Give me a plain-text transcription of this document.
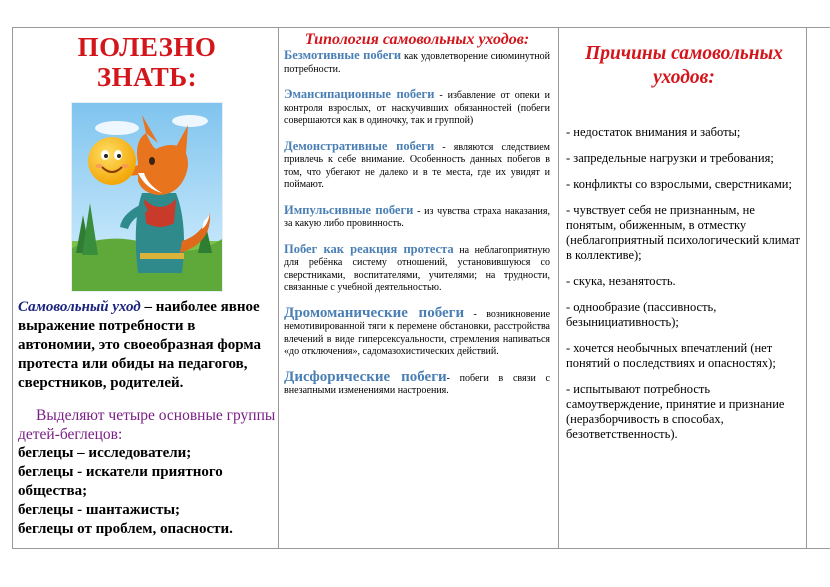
ПОЛЕЗНО
ЗНАТЬ:

Самовольный уход – наиболее явное выражение потребности в автономии, это своеобразная форма протеста или обиды на педагогов, сверстников, родителей.

Выделяют четыре основные группы детей-беглецов:

беглецы – исследователи;
беглецы - искатели приятного общества;
беглецы - шантажисты;
беглецы от проблем, опасности.
Типология самовольных уходов:
Безмотивные побеги как удовлетворение сиюминутной потребности.
Эмансипационные побеги - избавление от опеки и контроля взрослых, от наскучивших обязанностей (побеги совершаются как в одиночку, так и группой)
Демонстративные побеги - являются следствием привлечь к себе внимание. Особенность данных побегов в том, что убегают не далеко и в те места, где их увидят и поймают.
Импульсивные побеги - из чувства страха наказания, за какую либо провинность.
Побег как реакция протеста на неблагоприятную для ребёнка систему отношений, установившуюся со сверстниками, воспитателями, учителями; на трудности, связанные с учебной деятельностью.
Дромоманические побеги - возникновение немотивированной тяги к перемене обстановки, расстройства влечений в виде гиперсексуальности, стремления напиваться «до отключения», садомазохистических действий.
Дисфорические побеги- побеги в связи с внезапными изменениями настроения.
Причины самовольных уходов:
- недостаток внимания и заботы;
- запредельные нагрузки и требования;
- конфликты со взрослыми, сверстниками;
- чувствует себя не признанным, не понятым, обиженным, в отместку (неблагоприятный психологический климат в коллективе);
- скука, незанятость.
- однообразие (пассивность, безынициативность);
- хочется необычных впечатлений (нет понятий о последствиях и опасностях);
- испытывают потребность самоутверждение, принятие и признание (неразборчивость в способах, безответственность).
